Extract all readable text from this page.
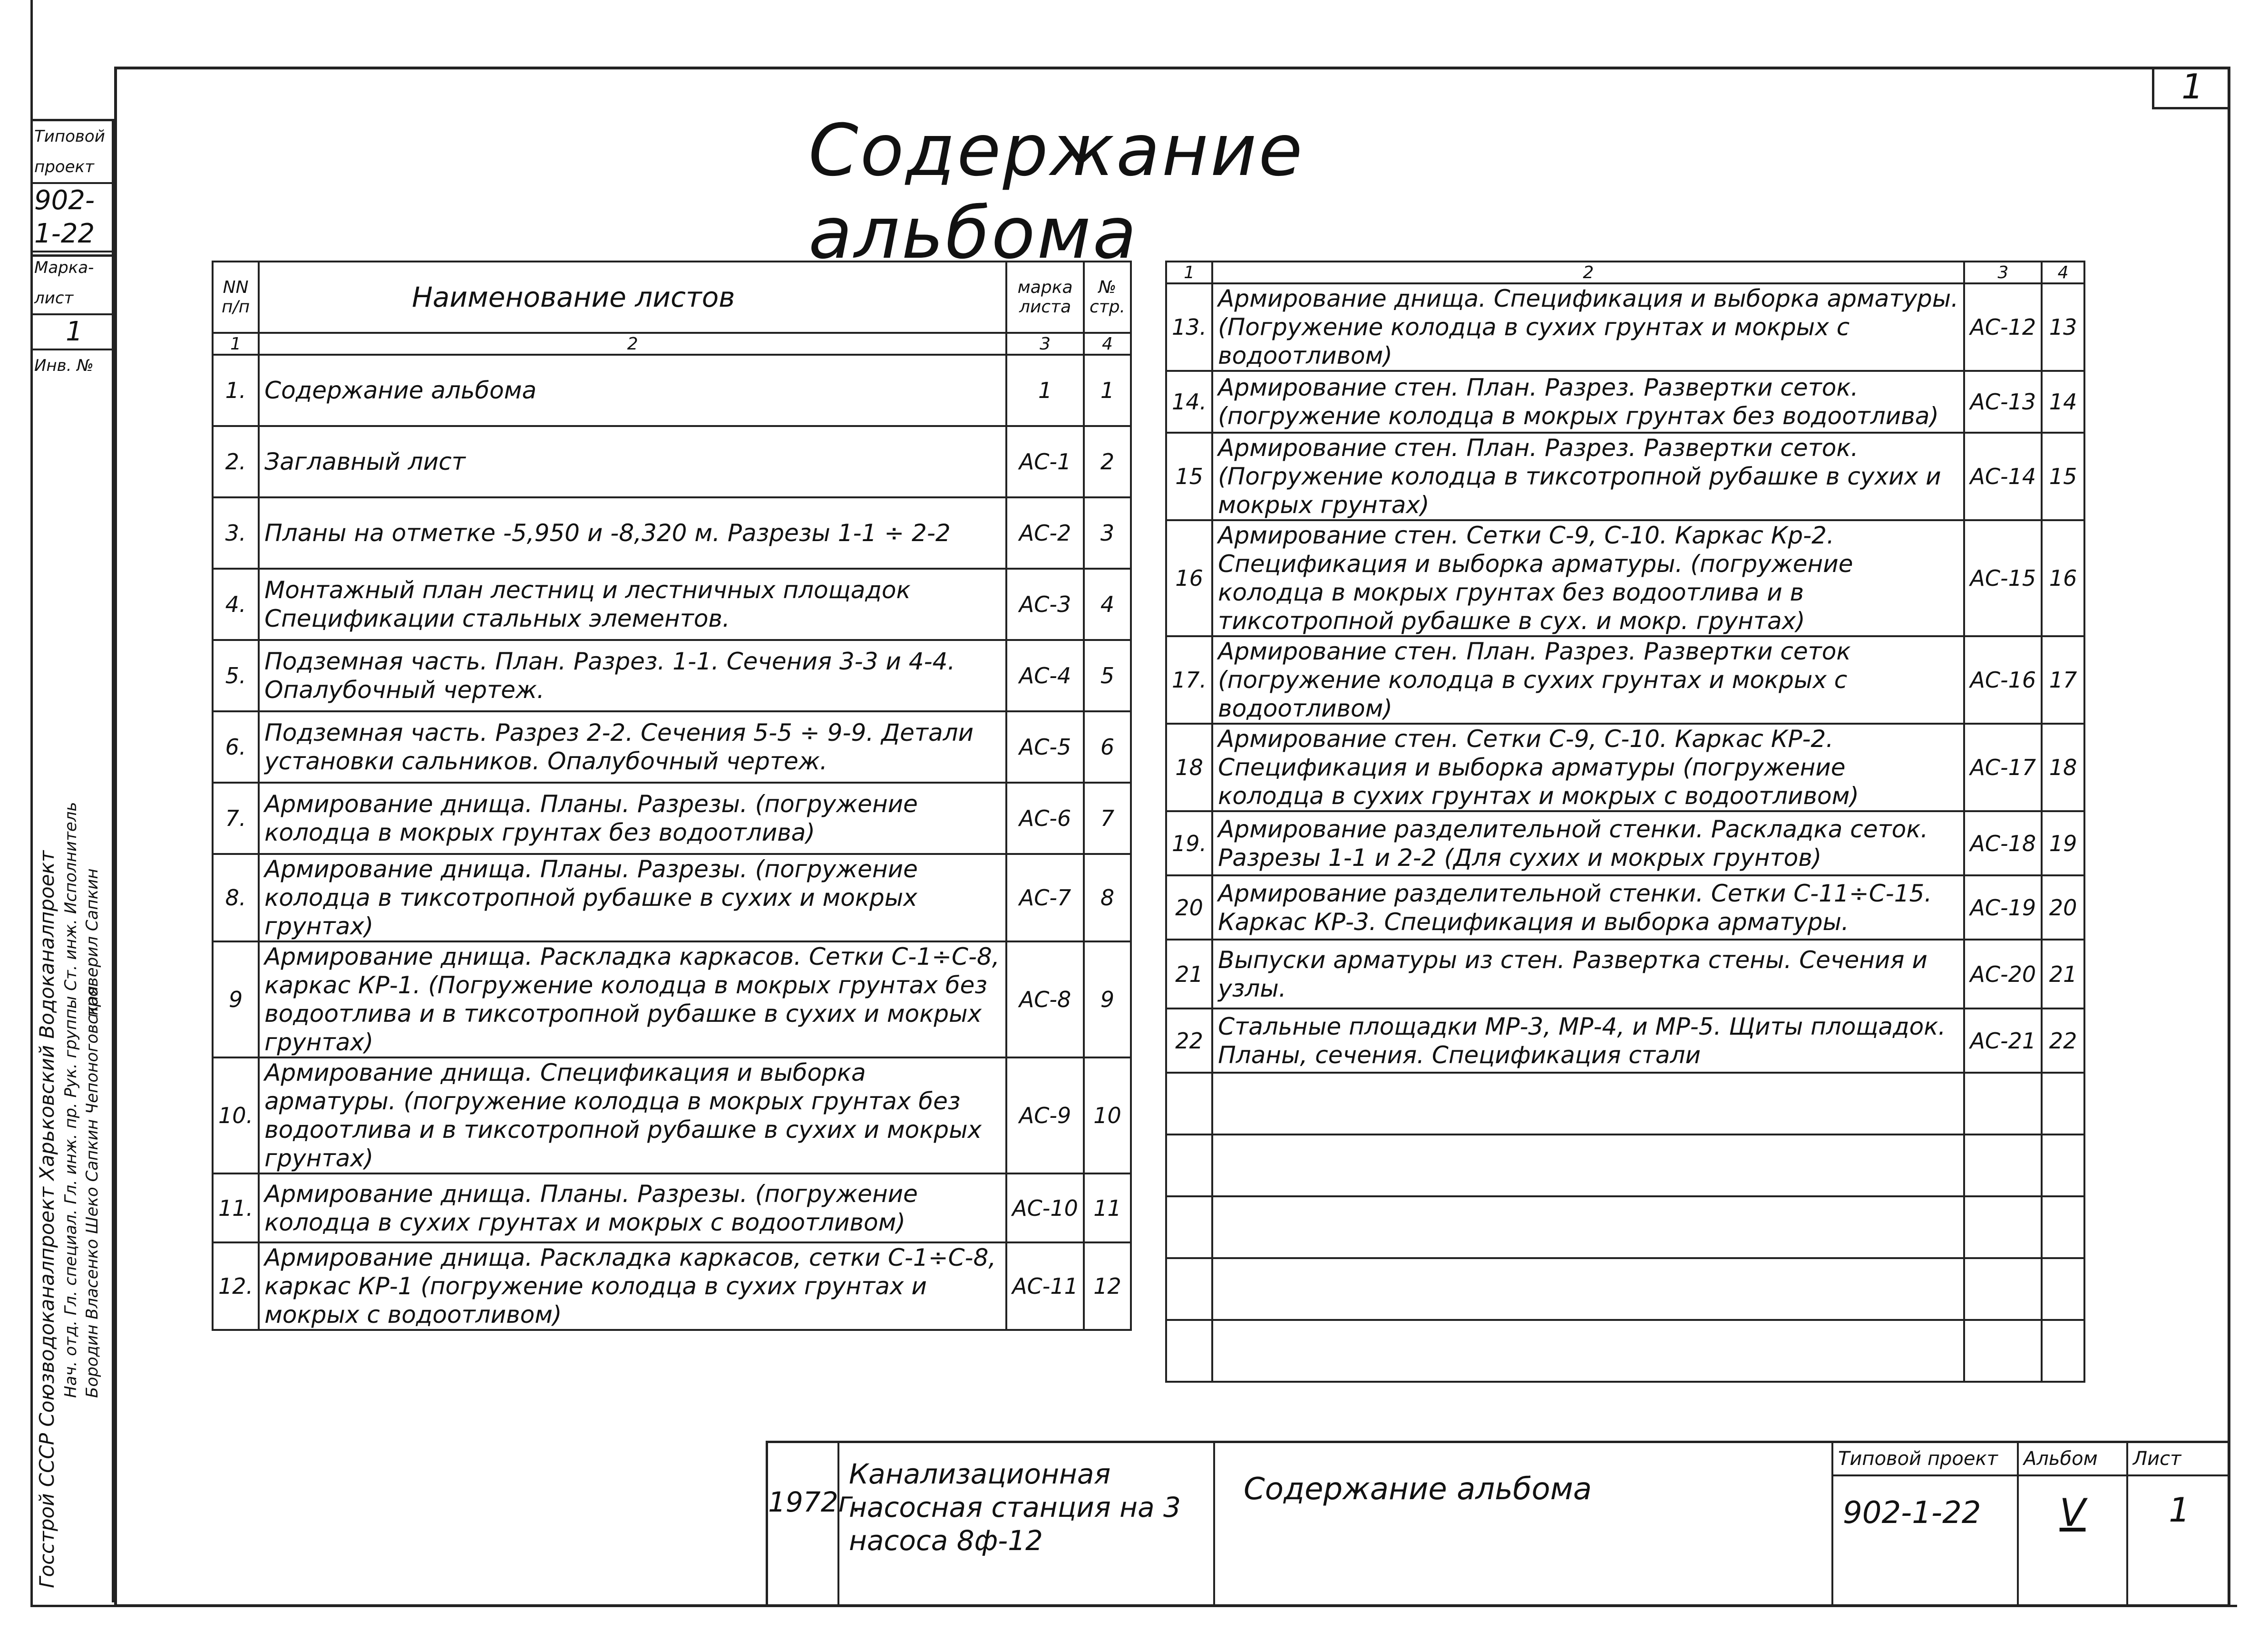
1
Содержание альбома
Типовой проект
902-1-22
Марка-лист
1
Инв. №
Госстрой СССР Союзводоканалпроект Харьковский Водоканалпроект Нач. отд. Гл. специал. Гл. инж. пр. Рук. группы Ст. инж. Исполнитель Бородин Власенко Шеко Сапкин Чепоноговская
проверил Сапкин
NN п/п	Наименование листов	марка листа	№ стр.
1	2	3	4
1.	Содержание альбома	1	1
2.	Заглавный лист	АС-1	2
3.	Планы на отметке -5,950 и -8,320 м. Разрезы 1-1 ÷ 2-2	АС-2	3
4.	Монтажный план лестниц и лестничных площадок Спецификации стальных элементов.	АС-3	4
5.	Подземная часть. План. Разрез. 1-1. Сечения 3-3 и 4-4. Опалубочный чертеж.	АС-4	5
6.	Подземная часть. Разрез 2-2. Сечения 5-5 ÷ 9-9. Детали установки сальников. Опалубочный чертеж.	АС-5	6
7.	Армирование днища. Планы. Разрезы. (погружение колодца в мокрых грунтах без водоотлива)	АС-6	7
8.	Армирование днища. Планы. Разрезы. (погружение колодца в тиксотропной рубашке в сухих и мокрых грунтах)	АС-7	8
9	Армирование днища. Раскладка каркасов. Сетки С-1÷С-8, каркас КР-1. (Погружение колодца в мокрых грунтах без водоотлива и в тиксотропной рубашке в сухих и мокрых грунтах)	АС-8	9
10.	Армирование днища. Спецификация и выборка арматуры. (погружение колодца в мокрых грунтах без водоотлива и в тиксотропной рубашке в сухих и мокрых грунтах)	АС-9	10
11.	Армирование днища. Планы. Разрезы. (погружение колодца в сухих грунтах и мокрых с водоотливом)	АС-10	11
12.	Армирование днища. Раскладка каркасов, сетки С-1÷С-8, каркас КР-1 (погружение колодца в сухих грунтах и мокрых с водоотливом)	АС-11	12
1	2	3	4
13.	Армирование днища. Спецификация и выборка арматуры. (Погружение колодца в сухих грунтах и мокрых с водоотливом)	АС-12	13
14.	Армирование стен. План. Разрез. Развертки сеток. (погружение колодца в мокрых грунтах без водоотлива)	АС-13	14
15	Армирование стен. План. Разрез. Развертки сеток. (Погружение колодца в тиксотропной рубашке в сухих и мокрых грунтах)	АС-14	15
16	Армирование стен. Сетки С-9, С-10. Каркас Кр-2. Спецификация и выборка арматуры. (погружение колодца в мокрых грунтах без водоотлива и в тиксотропной рубашке в сух. и мокр. грунтах)	АС-15	16
17.	Армирование стен. План. Разрез. Развертки сеток (погружение колодца в сухих грунтах и мокрых с водоотливом)	АС-16	17
18	Армирование стен. Сетки С-9, С-10. Каркас КР-2. Спецификация и выборка арматуры (погружение колодца в сухих грунтах и мокрых с водоотливом)	АС-17	18
19.	Армирование разделительной стенки. Раскладка сеток. Разрезы 1-1 и 2-2 (Для сухих и мокрых грунтов)	АС-18	19
20	Армирование разделительной стенки. Сетки С-11÷С-15. Каркас КР-3. Спецификация и выборка арматуры.	АС-19	20
21	Выпуски арматуры из стен. Развертка стены. Сечения и узлы.	АС-20	21
22	Стальные площадки МР-3, МР-4, и МР-5. Щиты площадок. Планы, сечения. Спецификация стали	АС-21	22

1972г.
Канализационная насосная станция на 3 насоса 8ф-12
Содержание альбома
Типовой проект
902-1-22
Альбом
V
Лист
1
